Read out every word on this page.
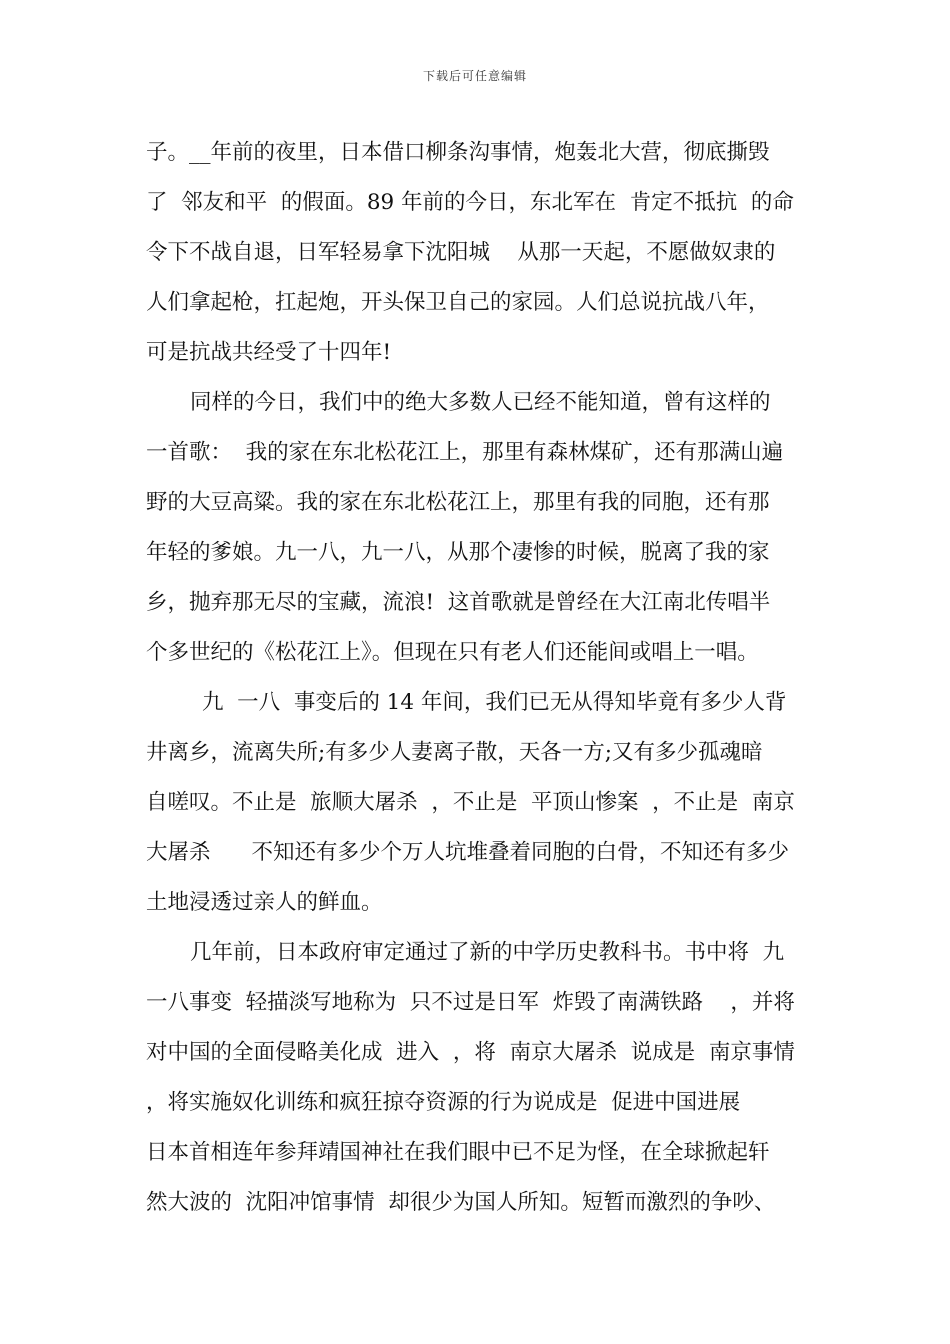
下载后可任意编辑
子。__年前的夜里，日本借口柳条沟事情，炮轰北大营，彻底撕毁
了  邻友和平  的假面。89 年前的今日，东北军在  肯定不抵抗  的命
令下不战自退，日军轻易拿下沈阳城    从那一天起，不愿做奴隶的
人们拿起枪，扛起炮，开头保卫自己的家园。人们总说抗战八年，
可是抗战共经受了十四年!
同样的今日，我们中的绝大多数人已经不能知道，曾有这样的
一首歌：  我的家在东北松花江上，那里有森林煤矿，还有那满山遍
野的大豆高粱。我的家在东北松花江上，那里有我的同胞，还有那
年轻的爹娘。九一八，九一八，从那个凄惨的时候，脱离了我的家
乡，抛弃那无尽的宝藏，流浪!  这首歌就是曾经在大江南北传唱半
个多世纪的《松花江上》。但现在只有老人们还能间或唱上一唱。
九  一八  事变后的 14 年间，我们已无从得知毕竟有多少人背
井离乡，流离失所;有多少人妻离子散，天各一方;又有多少孤魂暗
自嗟叹。不止是  旅顺大屠杀  ，不止是  平顶山惨案  ，不止是  南京
大屠杀      不知还有多少个万人坑堆叠着同胞的白骨，不知还有多少
土地浸透过亲人的鲜血。
几年前，日本政府审定通过了新的中学历史教科书。书中将  九
一八事变  轻描淡写地称为  只不过是日军  炸毁了南满铁路    ，并将
对中国的全面侵略美化成  进入  ，将  南京大屠杀  说成是  南京事情
，将实施奴化训练和疯狂掠夺资源的行为说成是  促进中国进展
日本首相连年参拜靖国神社在我们眼中已不足为怪，在全球掀起轩
然大波的  沈阳冲馆事情  却很少为国人所知。短暂而激烈的争吵、
